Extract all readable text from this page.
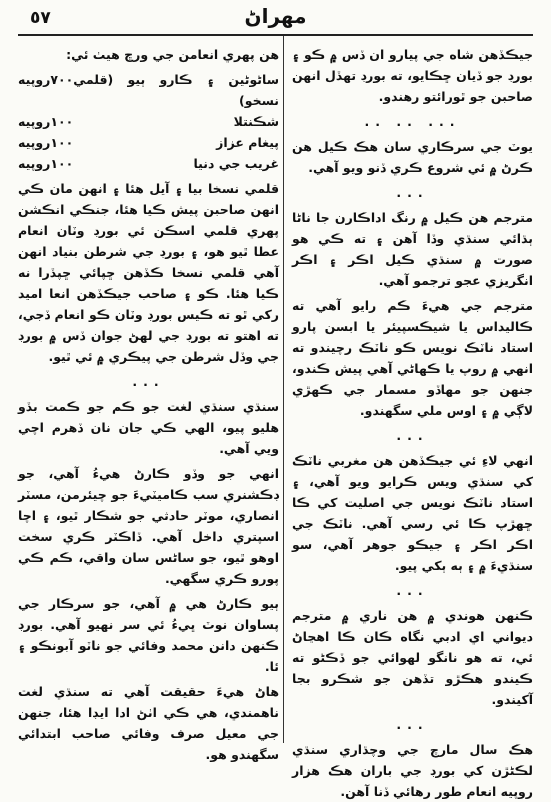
٥٧	مهراڻ

جيڪڏهن شاه جي پيارو ان ڏس ۾ ڪو ۽ بورڊ جو ڏيان ڇڪايو، ته بورڊ تهڏل انهن صاحبن جو ٿورائتو رهندو.

... .. ..

يوٽ جي سرڪاري سان هڪ ڪيل هن ڪرڻ ۾ ئي شروع ڪري ڏنو ويو آهي.

...

مترجم هن ڪيل ۾ رنگ اداڪارن جا ناڻا ٻڌائي سنڌي وڏا آهن ۽ ته ڪي هو صورت ۾ سنڌي ڪيل اڪر ۽ اڪر انگريزي عجو ترجمو آهي.

مترجم جي هيءَ ڪم رايو آهي ته ڪاليداس يا شيڪسپيئر يا ابسن پارو استاد ناٽڪ نويس ڪو ناٽڪ رچيندو ته انهي ۾ روپ يا ڪهاڻي آهي پيش ڪندو، جنهن جو مهاڏو مسمار جي ڪهڙي لاڳي ۾ ۽ اوس ملي سگهندو.

...

انهي لاءِ ئي جيڪڏهن هن مغربي ناٽڪ کي سنڌي ويس ڪرايو ويو آهي، ۽ استاد ناٽڪ نويس جي اصليت کي ڪا ڇهڙپ ڪا ئي رسي آهي. ناٽڪ جي اڪر اڪر ۽ جيڪو جوهر آهي، سو سنڌيءَ ۾ ۽ ٻه ٻکي پيو.

...

ڪنهن هوندي ۾ هن ناري ۾ مترجم ديواني اي ادبي نگاه ڪان ڪا اهڃاڻ ئي، ته هو نانگو لهوائي جو ڏڪڻو ته ڪيندو هڪڙو تڏهن جو شڪرو بجا آکيندو.

...

هڪ سال مارچ جي وچڌاري سنڌي لڪڻڙن کي بورڊ جي باران هڪ هزار روپيه انعام طور رهائي ڏنا آهن.

هن پهري انعامن جي ورڇ هيٺ ئي:

ساڻوڻين ۽ ڪارو ٻيو (قلمي نسخو)
٧٠٠روپيه
شڪنتلا
١٠٠روپيه
پيغام عزاز
١٠٠روپيه
غريب جي دنيا
١٠٠روپيه

قلمي نسخا بيا ۽ آيل هئا ۽ انهن مان ڪي انهن صاحبن پيش ڪيا هئا، جنڪي انڪشن پهري قلمي اسڪن ئي بورڊ وٽان انعام عطا ٿيو هو، ۽ بورڊ جي شرطن بنياد انهن آهي قلمي نسخا ڪڏهن ڇپائي ڇپڏرا نه ڪيا هئا. ڪو ۽ صاحب جيڪڏهن انعا اميد رکي ٿو ته ڪيس بورڊ وٽان ڪو انعام ڏجي، ته اهتو ته بورڊ جي لهڻ جوان ڏس ۾ بورڊ جي وڏل شرطن جي پيڪري ۾ ئي ٿيو.

...

سنڌي سنڌي لغت جو ڪم جو ڪمت بڏو هليو پيو، الهي ڪي جان نان ڏهرم اچي ويي آهي.

انهي جو وڏو ڪارڻ هيءُ آهي، جو ڊڪشنري سب ڪاميٽيءَ جو چيئرمن، مسٽر انصاري، موٽر حادثي جو شڪار ٿيو، ۽ اچا اسپتري داخل آهي. ڏاڪٽر ڪري سخت اوهو ٿيو، جو ساڻس سان واقي، ڪم ڪي پورو ڪري سگهي.

ٻيو ڪارڻ هي ۾ آهي، جو سرڪار جي پساوان نوٽ ڀيءُ ئي سر نهيو آهي. بورڊ ڪنهن دانن محمد وفائي جو ناٽو آبونڪو ۽ ئا.

هاڻ هيءَ حقيقت آهي ته سنڌي لغت ناهمندي، هي ڪي اٺڻ ادا ايڊا هئا، جنهن جي معيل صرف وفائي صاحب ابتدائي سگهندو هو.
